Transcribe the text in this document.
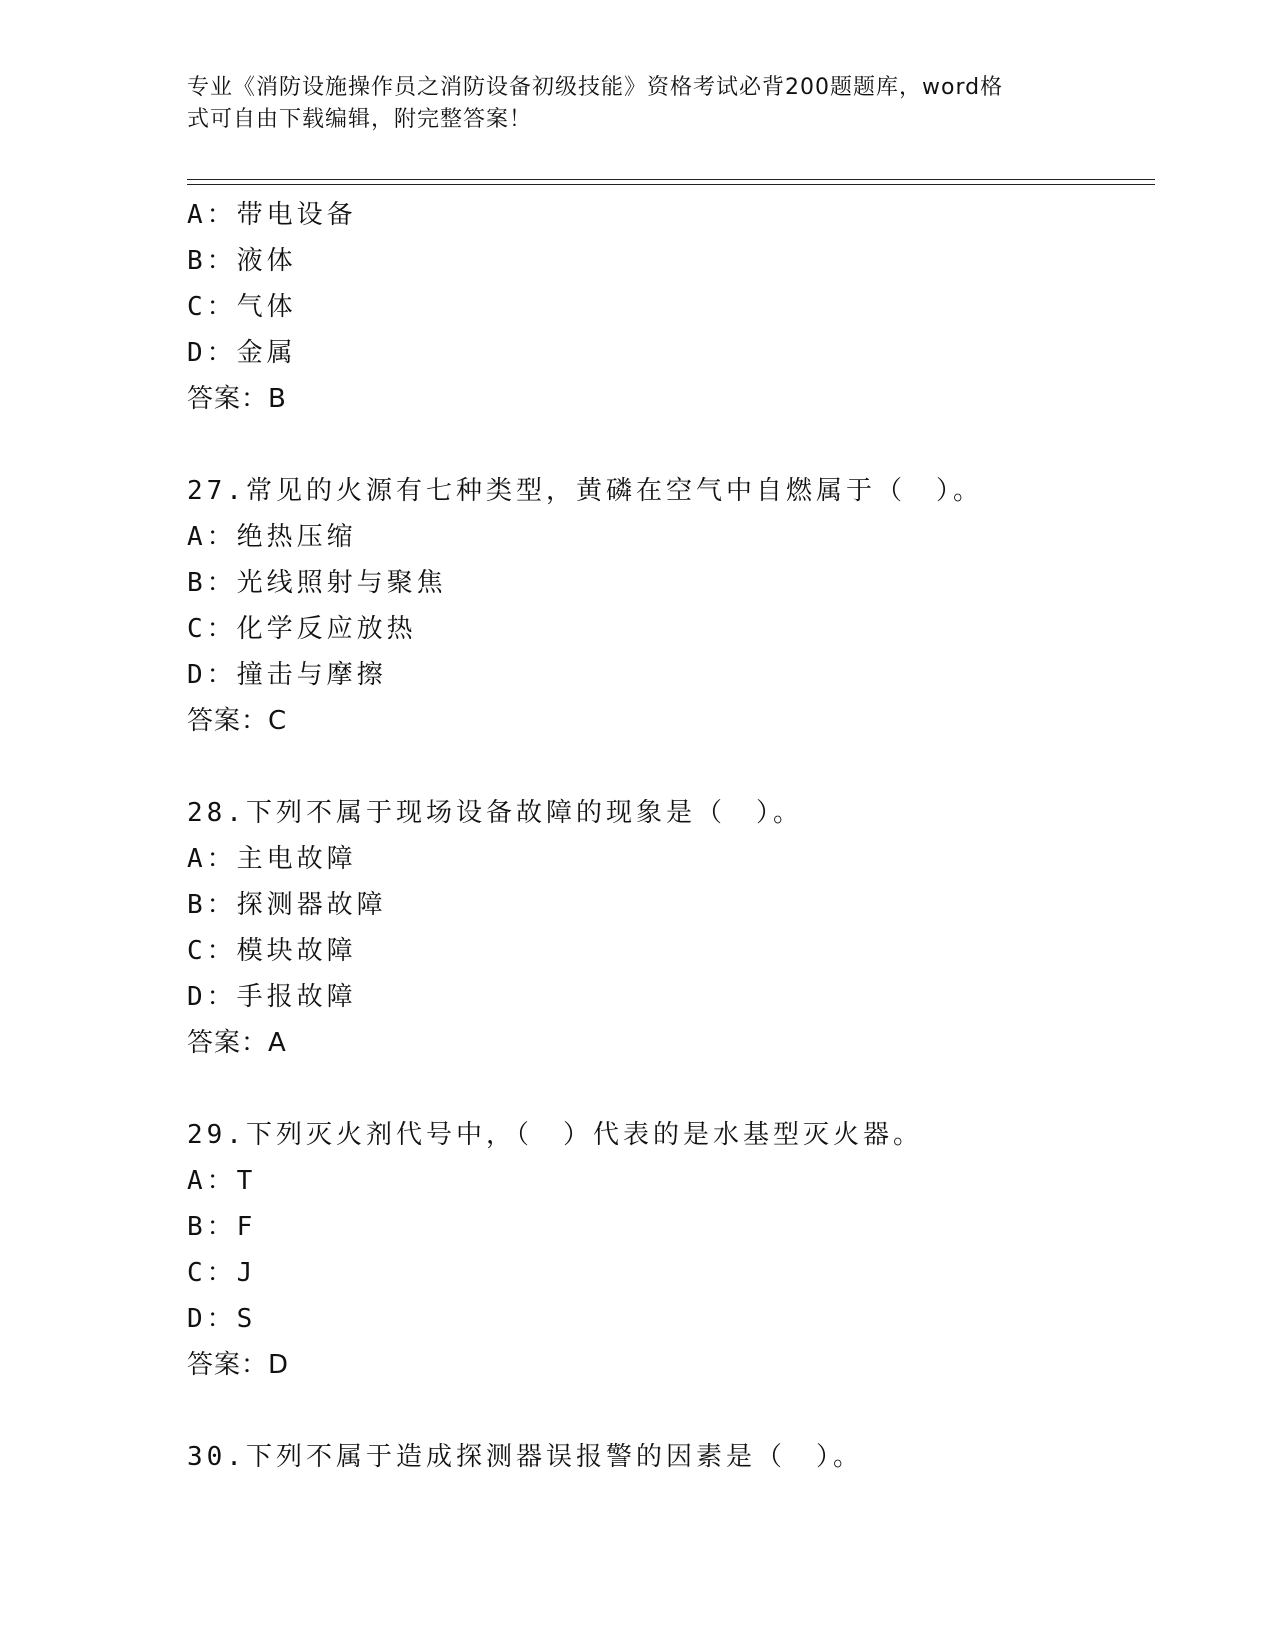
专业《消防设施操作员之消防设备初级技能》资格考试必背200题题库，word格
式可自由下载编辑，附完整答案！
A：带电设备
B：液体
C：气体
D：金属
答案：B
27.常见的火源有七种类型，黄磷在空气中自燃属于（　）。
A：绝热压缩
B：光线照射与聚焦
C：化学反应放热
D：撞击与摩擦
答案：C
28.下列不属于现场设备故障的现象是（　）。
A：主电故障
B：探测器故障
C：模块故障
D：手报故障
答案：A
29.下列灭火剂代号中，（　）代表的是水基型灭火器。
A：T
B：F
C：J
D：S
答案：D
30.下列不属于造成探测器误报警的因素是（　）。
